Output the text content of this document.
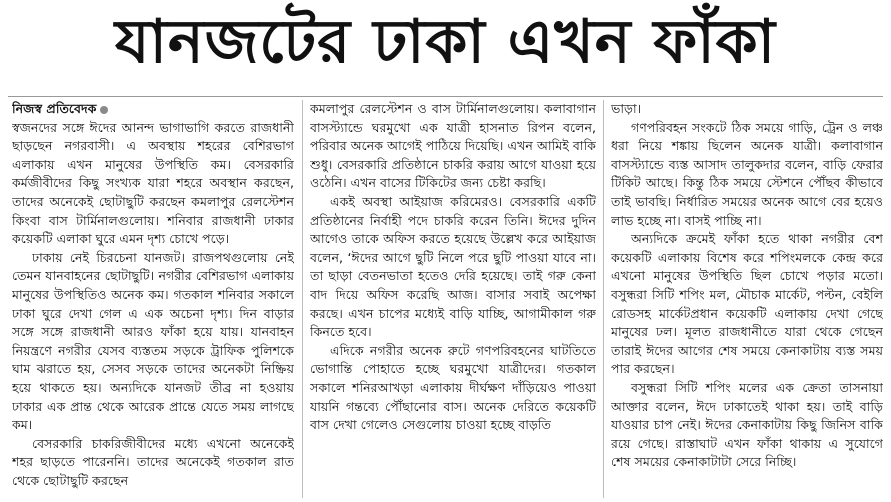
যানজটের ঢাকা এখন ফাঁকা
নিজস্ব প্রতিবেদক

স্বজনদের সঙ্গে ঈদের আনন্দ ভাগাভাগি করতে রাজধানী ছাড়ছেন নগরবাসী। এ অবস্থায় শহরের বেশিরভাগ এলাকায় এখন মানুষের উপস্থিতি কম। বেসরকারি কর্মজীবীদের কিছু সংখ্যক যারা শহরে অবস্থান করছেন, তাদের অনেকেই ছোটাছুটি করছেন কমলাপুর রেলস্টেশন কিংবা বাস টার্মিনালগুলোয়। শনিবার রাজধানী ঢাকার কয়েকটি এলাকা ঘুরে এমন দৃশ্য চোখে পড়ে।

ঢাকায় নেই চিরচেনা যানজট। রাজপথগুলোয় নেই তেমন যানবাহনের ছোটাছুটি। নগরীর বেশিরভাগ এলাকায় মানুষের উপস্থিতিও অনেক কম। গতকাল শনিবার সকালে ঢাকা ঘুরে দেখা গেল এ এক অচেনা দৃশ্য। দিন বাড়ার সঙ্গে সঙ্গে রাজধানী আরও ফাঁকা হয়ে যায়। যানবাহন নিয়ন্ত্রণে নগরীর যেসব ব্যস্ততম সড়কে ট্রাফিক পুলিশকে ঘাম ঝরাতে হয়, সেসব সড়কে তাদের অনেকটা নিষ্ক্রিয় হয়ে থাকতে হয়। অন্যদিকে যানজট তীব্র না হওয়ায় ঢাকার এক প্রান্ত থেকে আরেক প্রান্তে যেতে সময় লাগছে কম।

বেসরকারি চাকরিজীবীদের মধ্যে এখনো অনেকেই শহর ছাড়তে পারেননি। তাদের অনেকেই গতকাল রাত থেকে ছোটাছুটি করছেন

কমলাপুর রেলস্টেশন ও বাস টার্মিনালগুলোয়। কলাবাগান বাসস্ট্যান্ডে ঘরমুখো এক যাত্রী হাসনাত রিপন বলেন, পরিবার অনেক আগেই পাঠিয়ে দিয়েছি। এখন আমিই বাকি শুধু। বেসরকারি প্রতিষ্ঠানে চাকরি করায় আগে যাওয়া হয়ে ওঠেনি। এখন বাসের টিকিটের জন্য চেষ্টা করছি।

একই অবস্থা আইয়াজ করিমেরও। বেসরকারি একটি প্রতিষ্ঠানের নির্বাহী পদে চাকরি করেন তিনি। ঈদের দুদিন আগেও তাকে অফিস করতে হয়েছে উল্লেখ করে আইয়াজ বলেন, ‘ঈদের আগে ছুটি নিলে পরে ছুটি পাওয়া যাবে না। তা ছাড়া বেতনভাতা হতেও দেরি হয়েছে। তাই গরু কেনা বাদ দিয়ে অফিস করেছি আজ। বাসার সবাই অপেক্ষা করছে। এখন চাপের মধ্যেই বাড়ি যাচ্ছি, আগামীকাল গরু কিনতে হবে।

এদিকে নগরীর অনেক রুটে গণপরিবহনের ঘাটতিতে ভোগান্তি পোহাতে হচ্ছে ঘরমুখো যাত্রীদের। গতকাল সকালে শনিরআখড়া এলাকায় দীর্ঘক্ষণ দাঁড়িয়েও পাওয়া যায়নি গন্তব্যে পৌঁছানোর বাস। অনেক দেরিতে কয়েকটি বাস দেখা গেলেও সেগুলোয় চাওয়া হচ্ছে বাড়তি

ভাড়া।

গণপরিবহন সংকটে ঠিক সময়ে গাড়ি, ট্রেন ও লঞ্চ ধরা নিয়ে শঙ্কায় ছিলেন অনেক যাত্রী। কলাবাগান বাসস্ট্যান্ডে ব্যস্ত আসাদ তালুকদার বলেন, বাড়ি ফেরার টিকিট আছে। কিন্তু ঠিক সময়ে স্টেশনে পৌঁছব কীভাবে তাই ভাবছি। নির্ধারিত সময়ের অনেক আগে বের হয়েও লাভ হচ্ছে না। বাসই পাচ্ছি না।

অন্যদিকে ক্রমেই ফাঁকা হতে থাকা নগরীর বেশ কয়েকটি এলাকায় বিশেষ করে শপিংমলকে কেন্দ্র করে এখনো মানুষের উপস্থিতি ছিল চোখে পড়ার মতো। বসুন্ধরা সিটি শপিং মল, মৌচাক মার্কেট, পল্টন, বেইলি রোডসহ মার্কেটপ্রধান কয়েকটি এলাকায় দেখা গেছে মানুষের ঢল। মূলত রাজধানীতে যারা থেকে গেছেন তারাই ঈদের আগের শেষ সময়ে কেনাকাটায় ব্যস্ত সময় পার করছেন।

বসুন্ধরা সিটি শপিং মলের এক ক্রেতা তাসনায়া আক্তার বলেন, ঈদে ঢাকাতেই থাকা হয়। তাই বাড়ি যাওয়ার চাপ নেই। ঈদের কেনাকাটায় কিছু জিনিস বাকি রয়ে গেছে। রাস্তাঘাট এখন ফাঁকা থাকায় এ সুযোগে শেষ সময়ের কেনাকাটাটা সেরে নিচ্ছি।
